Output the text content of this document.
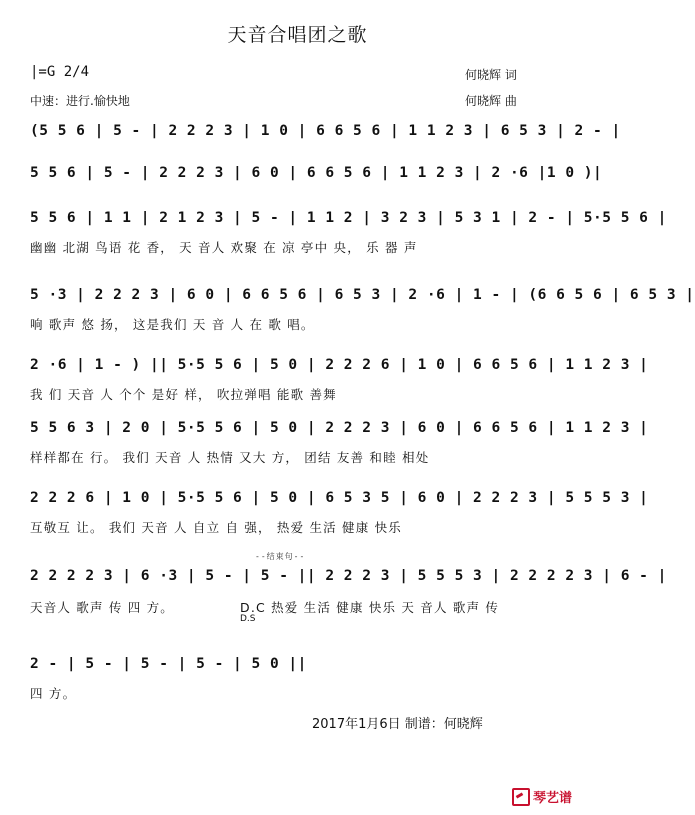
天音合唱团之歌
|=G 2/4
中速：进行.愉快地
何晓辉 词
何晓辉 曲
(5 5 6 | 5 - | 2 2 2 3 | 1 0 | 6 6 5 6 | 1 1 2 3 | 6 5 3 | 2 - |
5 5 6 | 5 - | 2 2 2 3 | 6 0 | 6 6 5 6 | 1 1 2 3 | 2 ·6 |1 0 )|
5 5 6 | 1 1 | 2 1 2 3 | 5 - | 1 1 2 | 3 2 3 | 5 3 1 | 2 - | 5·5 5 6 |
幽幽 北湖 鸟语 花 香， 天 音人 欢聚 在 凉 亭中 央， 乐 器 声
5 ·3 | 2 2 2 3 | 6 0 | 6 6 5 6 | 6 5 3 | 2 ·6 | 1 - | (6 6 5 6 | 6 5 3 |
响 歌声 悠 扬， 这是我们 天 音 人 在 歌 唱。
2 ·6 | 1 - ) || 5·5 5 6 | 5 0 | 2 2 2 6 | 1 0 | 6 6 5 6 | 1 1 2 3 |
我 们 天音 人 个个 是好 样， 吹拉弹唱 能歌 善舞
5 5 6 3 | 2 0 | 5·5 5 6 | 5 0 | 2 2 2 3 | 6 0 | 6 6 5 6 | 1 1 2 3 |
样样都在 行。 我们 天音 人 热情 又大 方， 团结 友善 和睦 相处
2 2 2 6 | 1 0 | 5·5 5 6 | 5 0 | 6 5 3 5 | 6 0 | 2 2 2 3 | 5 5 5 3 |
互敬互 让。 我们 天音 人 自立 自 强， 热爱 生活 健康 快乐
--结束句--
2 2 2 2 3 | 6 ·3 | 5 - | 5 - || 2 2 2 3 | 5 5 5 3 | 2 2 2 2 3 | 6 - |
天音人 歌声 传 四 方。	D.C 热爱 生活 健康 快乐 天 音人 歌声 传
D.S
2 - | 5 - | 5 - | 5 - | 5 0 ||
四 方。
2017年1月6日 制谱：何晓辉
琴艺谱
